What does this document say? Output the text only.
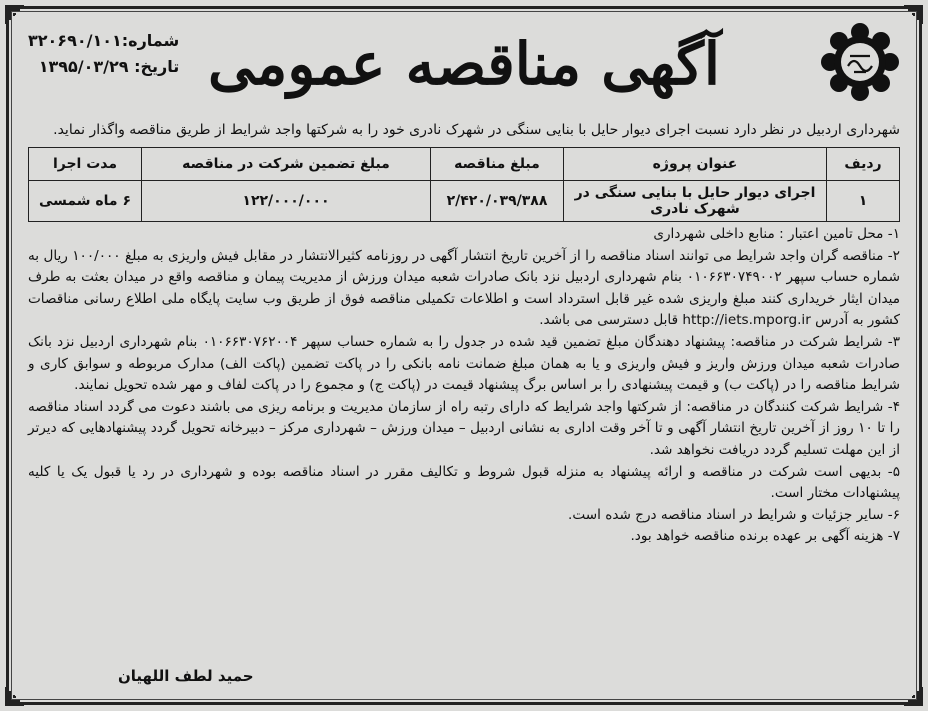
آگهی مناقصه عمومی
شماره:۳۲۰۶۹۰/۱۰۱
تاریخ: ۱۳۹۵/۰۳/۲۹
شهرداری اردبیل در نظر دارد نسبت اجرای دیوار حایل با بنایی سنگی در شهرک نادری خود را به شرکتها واجد شرایط از طریق مناقصه واگذار نماید.
ردیف	عنوان پروژه	مبلغ مناقصه	مبلغ تضمین شرکت در مناقصه	مدت اجرا
۱	اجرای دیوار حایل با بنایی سنگی در شهرک نادری	۲/۴۲۰/۰۳۹/۳۸۸	۱۲۲/۰۰۰/۰۰۰	۶ ماه شمسی

۱- محل تامین اعتبار : منابع داخلی شهرداری

۲- مناقصه گران واجد شرایط می توانند اسناد مناقصه را از آخرین تاریخ انتشار آگهی در روزنامه کثیرالانتشار در مقابل فیش واریزی به مبلغ ۱۰۰/۰۰۰ ریال به شماره حساب سپهر ۰۱۰۶۶۳۰۷۴۹۰۰۲ بنام شهرداری اردبیل نزد بانک صادرات شعبه میدان ورزش از مدیریت پیمان و مناقصه واقع در میدان بعثت به طرف میدان ایثار خریداری کنند مبلغ واریزی شده غیر قابل استرداد است و اطلاعات تکمیلی مناقصه فوق از طریق وب سایت پایگاه ملی اطلاع رسانی مناقصات کشور به آدرس http://iets.mporg.ir قابل دسترسی می باشد.

۳- شرایط شرکت در مناقصه: پیشنهاد دهندگان مبلغ تضمین قید شده در جدول را به شماره حساب سپهر ۰۱۰۶۶۳۰۷۶۲۰۰۴ بنام شهرداری اردبیل نزد بانک صادرات شعبه میدان ورزش واریز و فیش واریزی و یا به همان مبلغ ضمانت نامه بانکی را در پاکت تضمین (پاکت الف) مدارک مربوطه و سوابق کاری و شرایط مناقصه را در (پاکت ب) و قیمت پیشنهادی را بر اساس برگ پیشنهاد قیمت در (پاکت ج) و مجموع را در پاکت لفاف و مهر شده تحویل نمایند.

۴- شرایط شرکت کنندگان در مناقصه: از شرکتها واجد شرایط که دارای رتبه راه از سازمان مدیریت و برنامه ریزی می باشند دعوت می گردد اسناد مناقصه را تا ۱۰ روز از آخرین تاریخ انتشار آگهی و تا آخر وقت اداری به نشانی اردبیل – میدان ورزش – شهرداری مرکز – دبیرخانه تحویل گردد پیشنهادهایی که دیرتر از این مهلت تسلیم گردد دریافت نخواهد شد.

۵- بدیهی است شرکت در مناقصه و ارائه پیشنهاد به منزله قبول شروط و تکالیف مقرر در اسناد مناقصه بوده و شهرداری در رد یا قبول یک یا کلیه پیشنهادات مختار است.

۶- سایر جزئیات و شرایط در اسناد مناقصه درج شده است.

۷- هزینه آگهی بر عهده برنده مناقصه خواهد بود.

حمید لطف اللهیان
